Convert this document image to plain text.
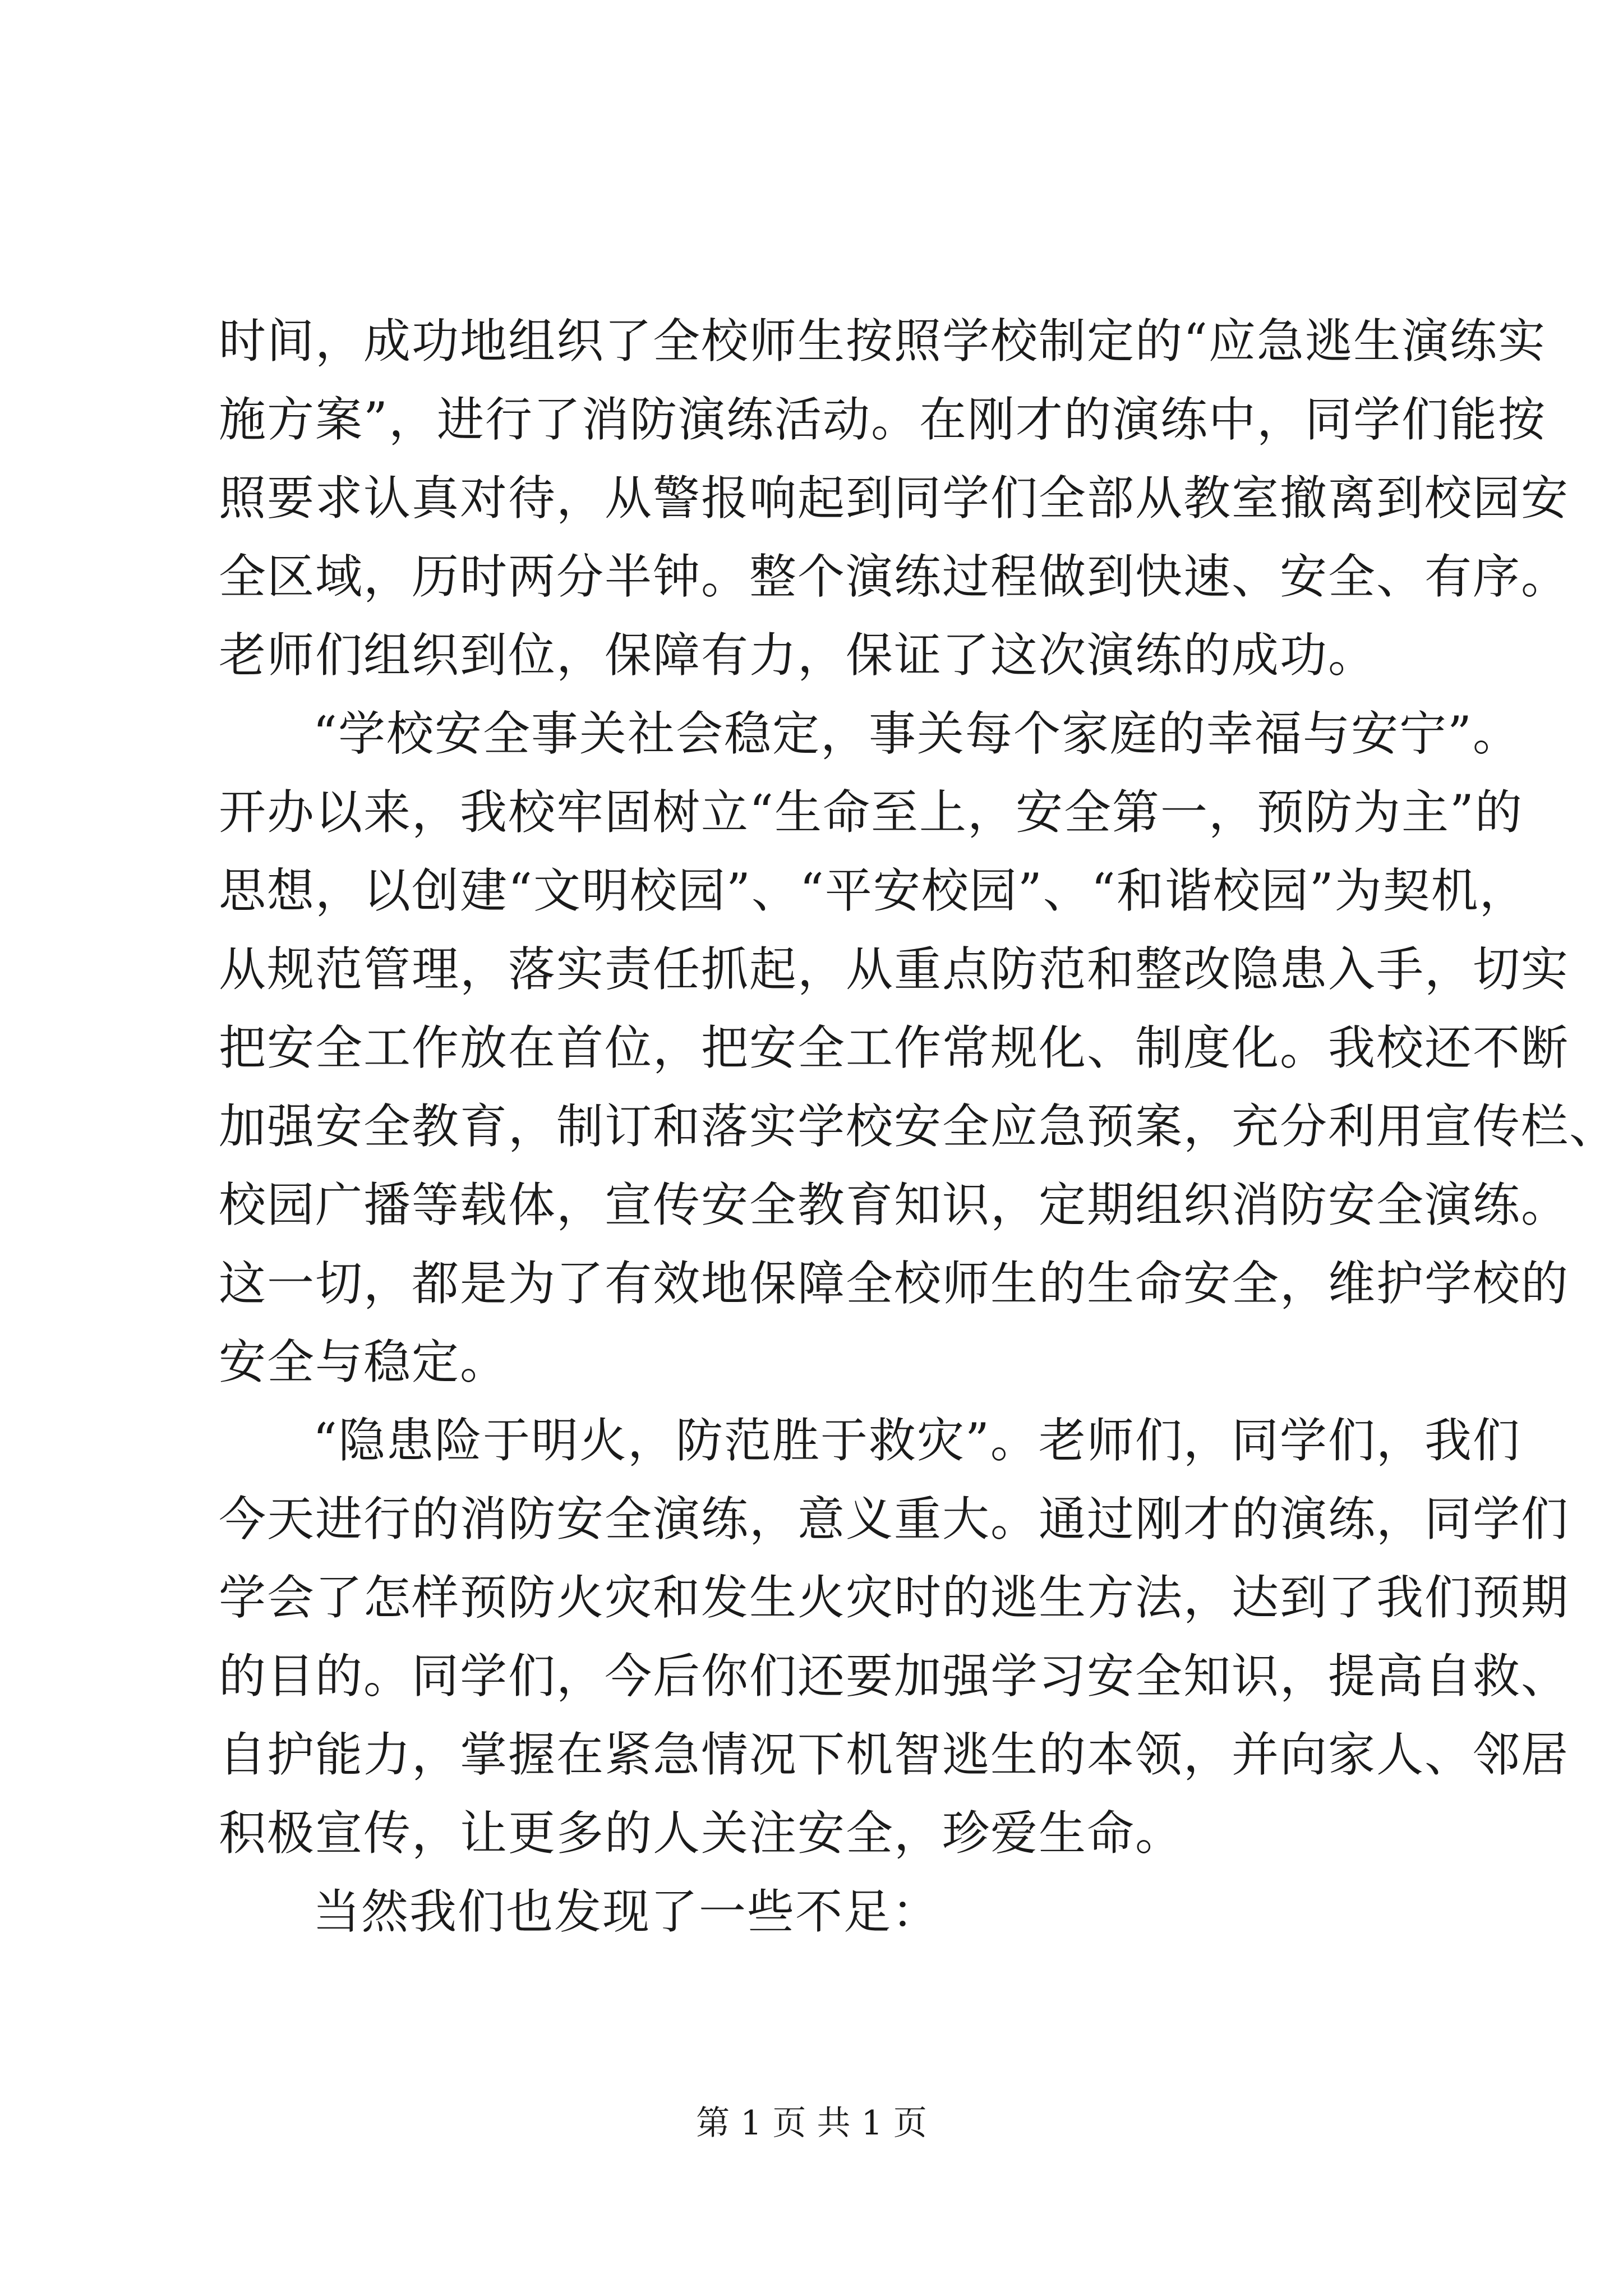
时间，成功地组织了全校师生按照学校制定的“应急逃生演练实
施方案”，进行了消防演练活动。在刚才的演练中，同学们能按
照要求认真对待，从警报响起到同学们全部从教室撤离到校园安
全区域，历时两分半钟。整个演练过程做到快速、安全、有序。
老师们组织到位，保障有力，保证了这次演练的成功。
“学校安全事关社会稳定，事关每个家庭的幸福与安宁”。
开办以来，我校牢固树立“生命至上，安全第一，预防为主”的
思想，以创建“文明校园”、“平安校园”、“和谐校园”为契机，
从规范管理，落实责任抓起，从重点防范和整改隐患入手，切实
把安全工作放在首位，把安全工作常规化、制度化。我校还不断
加强安全教育，制订和落实学校安全应急预案，充分利用宣传栏、
校园广播等载体，宣传安全教育知识，定期组织消防安全演练。
这一切，都是为了有效地保障全校师生的生命安全，维护学校的
安全与稳定。
“隐患险于明火，防范胜于救灾”。老师们，同学们，我们
今天进行的消防安全演练，意义重大。通过刚才的演练，同学们
学会了怎样预防火灾和发生火灾时的逃生方法，达到了我们预期
的目的。同学们，今后你们还要加强学习安全知识，提高自救、
自护能力，掌握在紧急情况下机智逃生的本领，并向家人、邻居
积极宣传，让更多的人关注安全，珍爱生命。
当然我们也发现了一些不足：
第 1 页 共 1 页
